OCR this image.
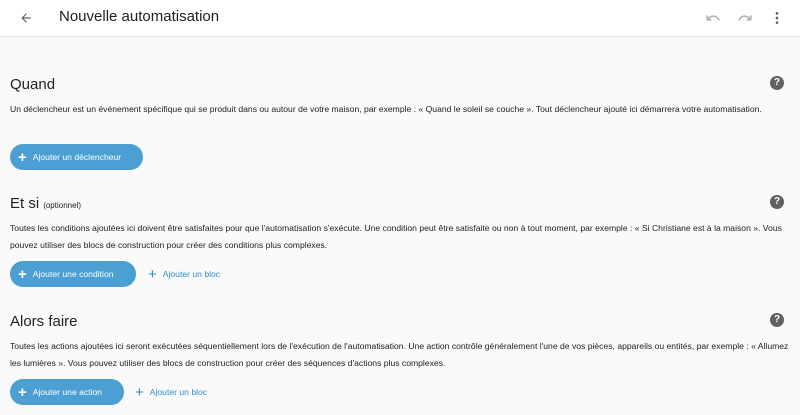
Nouvelle automatisation
Quand	?
Un déclencheur est un événement spécifique qui se produit dans ou autour de votre maison, par exemple : « Quand le soleil se couche ». Tout déclencheur ajouté ici démarrera votre automatisation.
+ Ajouter un déclencheur
Et si (optionnel)	?
Toutes les conditions ajoutées ici doivent être satisfaites pour que l'automatisation s'exécute. Une condition peut être satisfaite ou non à tout moment, par exemple : « Si Christiane est à la maison ». Vous pouvez utiliser des blocs de construction pour créer des conditions plus complexes.
+ Ajouter une condition + Ajouter un bloc
Alors faire	?
Toutes les actions ajoutées ici seront exécutées séquentiellement lors de l'exécution de l'automatisation. Une action contrôle généralement l'une de vos pièces, appareils ou entités, par exemple : « Allumez les lumières ». Vous pouvez utiliser des blocs de construction pour créer des séquences d'actions plus complexes.
+ Ajouter une action + Ajouter un bloc
